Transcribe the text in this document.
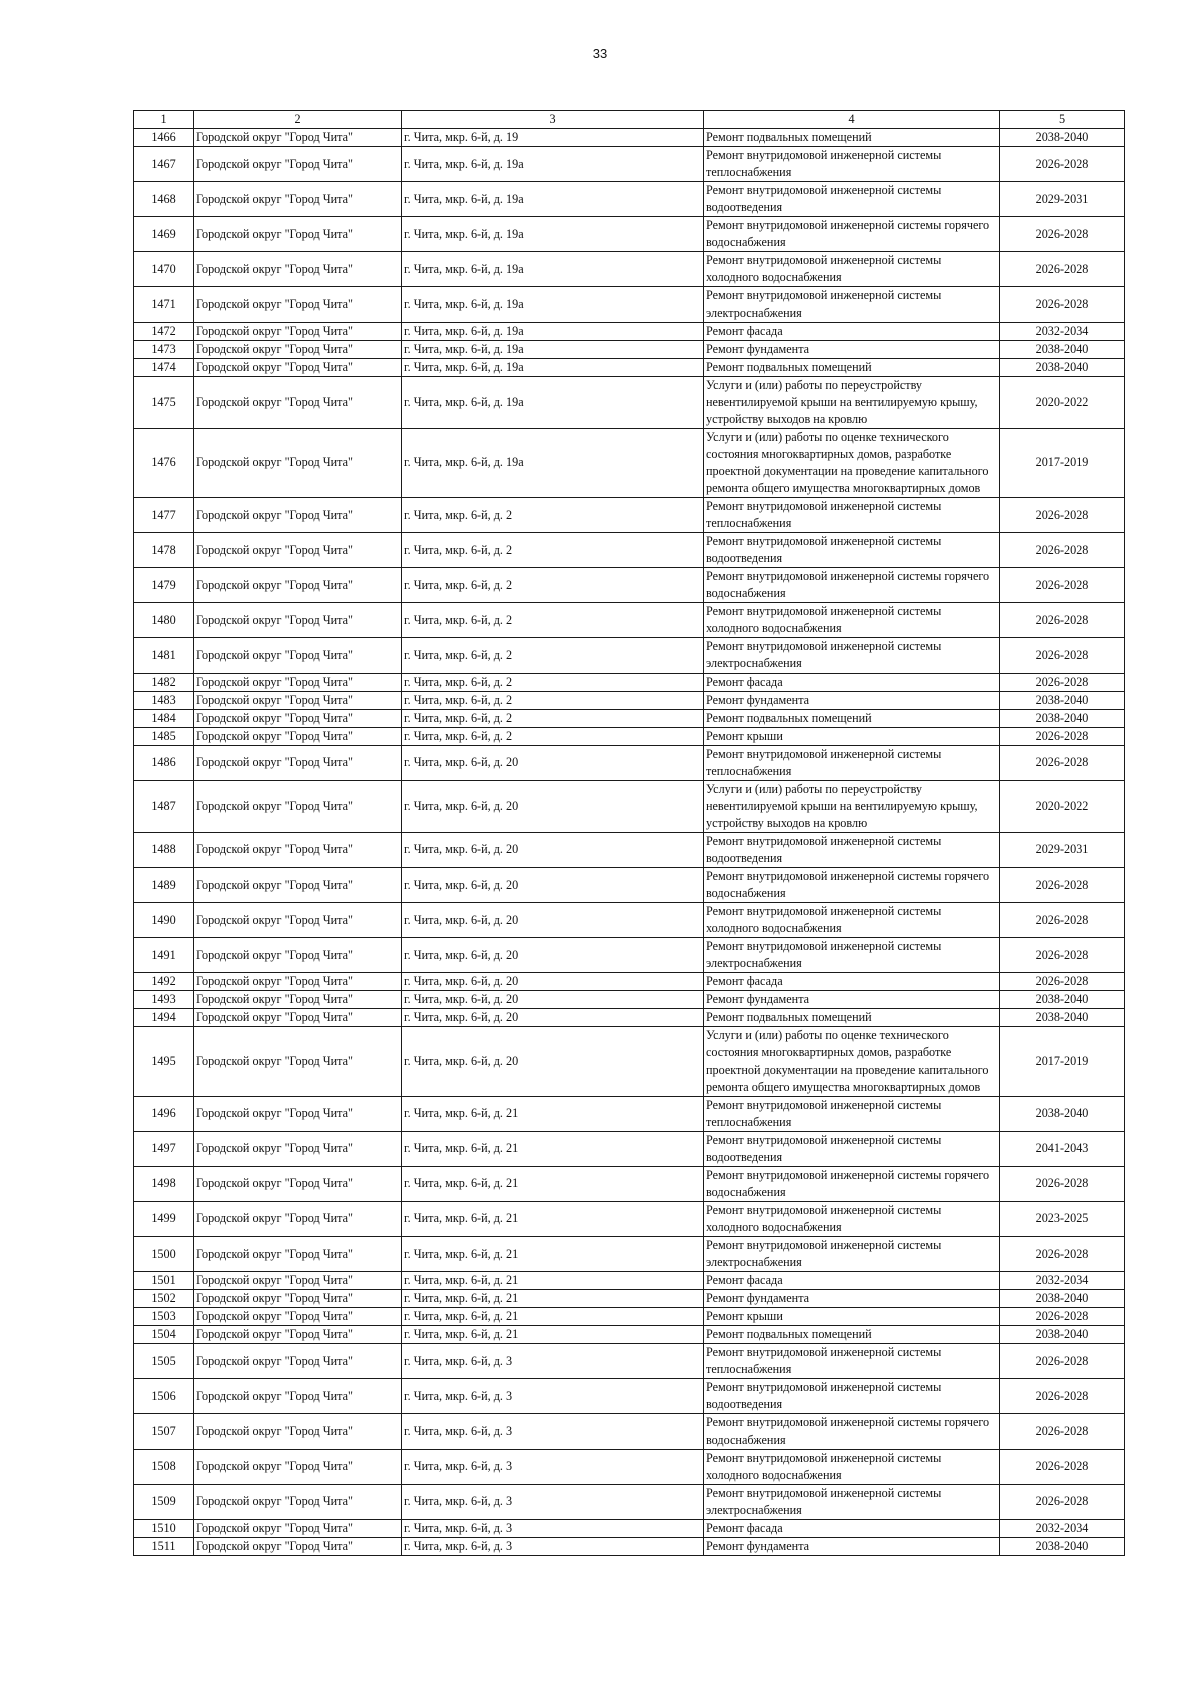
33
1	2	3	4	5
1466	Городской округ "Город Чита"	г. Чита, мкр. 6-й, д. 19	Ремонт подвальных помещений	2038-2040
1467	Городской округ "Город Чита"	г. Чита, мкр. 6-й, д. 19а	Ремонт внутридомовой инженерной системы теплоснабжения	2026-2028
1468	Городской округ "Город Чита"	г. Чита, мкр. 6-й, д. 19а	Ремонт внутридомовой инженерной системы водоотведения	2029-2031
1469	Городской округ "Город Чита"	г. Чита, мкр. 6-й, д. 19а	Ремонт внутридомовой инженерной системы горячего водоснабжения	2026-2028
1470	Городской округ "Город Чита"	г. Чита, мкр. 6-й, д. 19а	Ремонт внутридомовой инженерной системы холодного водоснабжения	2026-2028
1471	Городской округ "Город Чита"	г. Чита, мкр. 6-й, д. 19а	Ремонт внутридомовой инженерной системы электроснабжения	2026-2028
1472	Городской округ "Город Чита"	г. Чита, мкр. 6-й, д. 19а	Ремонт фасада	2032-2034
1473	Городской округ "Город Чита"	г. Чита, мкр. 6-й, д. 19а	Ремонт фундамента	2038-2040
1474	Городской округ "Город Чита"	г. Чита, мкр. 6-й, д. 19а	Ремонт подвальных помещений	2038-2040
1475	Городской округ "Город Чита"	г. Чита, мкр. 6-й, д. 19а	Услуги и (или) работы по переустройству невентилируемой крыши на вентилируемую крышу, устройству выходов на кровлю	2020-2022
1476	Городской округ "Город Чита"	г. Чита, мкр. 6-й, д. 19а	Услуги и (или) работы по оценке технического состояния многоквартирных домов, разработке проектной документации на проведение капитального ремонта общего имущества многоквартирных домов	2017-2019
1477	Городской округ "Город Чита"	г. Чита, мкр. 6-й, д. 2	Ремонт внутридомовой инженерной системы теплоснабжения	2026-2028
1478	Городской округ "Город Чита"	г. Чита, мкр. 6-й, д. 2	Ремонт внутридомовой инженерной системы водоотведения	2026-2028
1479	Городской округ "Город Чита"	г. Чита, мкр. 6-й, д. 2	Ремонт внутридомовой инженерной системы горячего водоснабжения	2026-2028
1480	Городской округ "Город Чита"	г. Чита, мкр. 6-й, д. 2	Ремонт внутридомовой инженерной системы холодного водоснабжения	2026-2028
1481	Городской округ "Город Чита"	г. Чита, мкр. 6-й, д. 2	Ремонт внутридомовой инженерной системы электроснабжения	2026-2028
1482	Городской округ "Город Чита"	г. Чита, мкр. 6-й, д. 2	Ремонт фасада	2026-2028
1483	Городской округ "Город Чита"	г. Чита, мкр. 6-й, д. 2	Ремонт фундамента	2038-2040
1484	Городской округ "Город Чита"	г. Чита, мкр. 6-й, д. 2	Ремонт подвальных помещений	2038-2040
1485	Городской округ "Город Чита"	г. Чита, мкр. 6-й, д. 2	Ремонт крыши	2026-2028
1486	Городской округ "Город Чита"	г. Чита, мкр. 6-й, д. 20	Ремонт внутридомовой инженерной системы теплоснабжения	2026-2028
1487	Городской округ "Город Чита"	г. Чита, мкр. 6-й, д. 20	Услуги и (или) работы по переустройству невентилируемой крыши на вентилируемую крышу, устройству выходов на кровлю	2020-2022
1488	Городской округ "Город Чита"	г. Чита, мкр. 6-й, д. 20	Ремонт внутридомовой инженерной системы водоотведения	2029-2031
1489	Городской округ "Город Чита"	г. Чита, мкр. 6-й, д. 20	Ремонт внутридомовой инженерной системы горячего водоснабжения	2026-2028
1490	Городской округ "Город Чита"	г. Чита, мкр. 6-й, д. 20	Ремонт внутридомовой инженерной системы холодного водоснабжения	2026-2028
1491	Городской округ "Город Чита"	г. Чита, мкр. 6-й, д. 20	Ремонт внутридомовой инженерной системы электроснабжения	2026-2028
1492	Городской округ "Город Чита"	г. Чита, мкр. 6-й, д. 20	Ремонт фасада	2026-2028
1493	Городской округ "Город Чита"	г. Чита, мкр. 6-й, д. 20	Ремонт фундамента	2038-2040
1494	Городской округ "Город Чита"	г. Чита, мкр. 6-й, д. 20	Ремонт подвальных помещений	2038-2040
1495	Городской округ "Город Чита"	г. Чита, мкр. 6-й, д. 20	Услуги и (или) работы по оценке технического состояния многоквартирных домов, разработке проектной документации на проведение капитального ремонта общего имущества многоквартирных домов	2017-2019
1496	Городской округ "Город Чита"	г. Чита, мкр. 6-й, д. 21	Ремонт внутридомовой инженерной системы теплоснабжения	2038-2040
1497	Городской округ "Город Чита"	г. Чита, мкр. 6-й, д. 21	Ремонт внутридомовой инженерной системы водоотведения	2041-2043
1498	Городской округ "Город Чита"	г. Чита, мкр. 6-й, д. 21	Ремонт внутридомовой инженерной системы горячего водоснабжения	2026-2028
1499	Городской округ "Город Чита"	г. Чита, мкр. 6-й, д. 21	Ремонт внутридомовой инженерной системы холодного водоснабжения	2023-2025
1500	Городской округ "Город Чита"	г. Чита, мкр. 6-й, д. 21	Ремонт внутридомовой инженерной системы электроснабжения	2026-2028
1501	Городской округ "Город Чита"	г. Чита, мкр. 6-й, д. 21	Ремонт фасада	2032-2034
1502	Городской округ "Город Чита"	г. Чита, мкр. 6-й, д. 21	Ремонт фундамента	2038-2040
1503	Городской округ "Город Чита"	г. Чита, мкр. 6-й, д. 21	Ремонт крыши	2026-2028
1504	Городской округ "Город Чита"	г. Чита, мкр. 6-й, д. 21	Ремонт подвальных помещений	2038-2040
1505	Городской округ "Город Чита"	г. Чита, мкр. 6-й, д. 3	Ремонт внутридомовой инженерной системы теплоснабжения	2026-2028
1506	Городской округ "Город Чита"	г. Чита, мкр. 6-й, д. 3	Ремонт внутридомовой инженерной системы водоотведения	2026-2028
1507	Городской округ "Город Чита"	г. Чита, мкр. 6-й, д. 3	Ремонт внутридомовой инженерной системы горячего водоснабжения	2026-2028
1508	Городской округ "Город Чита"	г. Чита, мкр. 6-й, д. 3	Ремонт внутридомовой инженерной системы холодного водоснабжения	2026-2028
1509	Городской округ "Город Чита"	г. Чита, мкр. 6-й, д. 3	Ремонт внутридомовой инженерной системы электроснабжения	2026-2028
1510	Городской округ "Город Чита"	г. Чита, мкр. 6-й, д. 3	Ремонт фасада	2032-2034
1511	Городской округ "Город Чита"	г. Чита, мкр. 6-й, д. 3	Ремонт фундамента	2038-2040
